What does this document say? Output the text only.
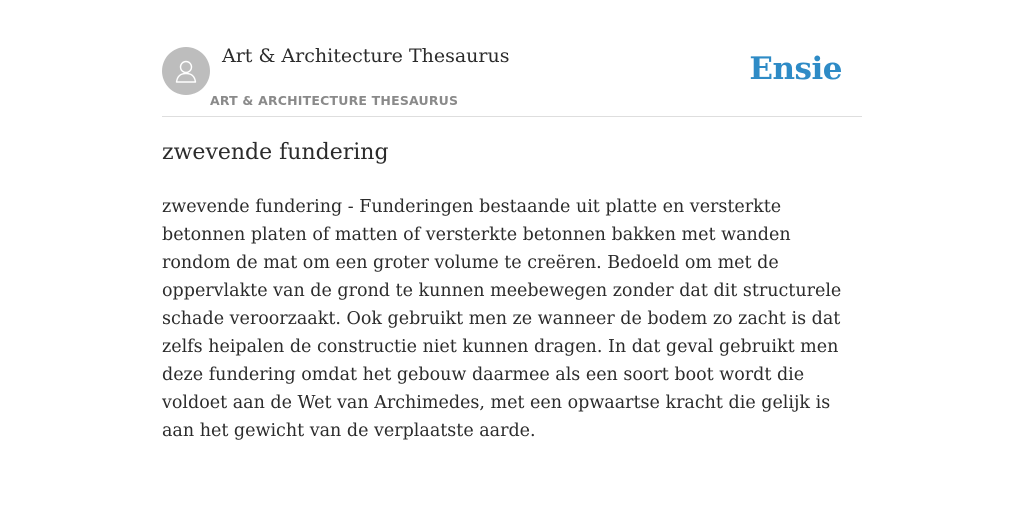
Art & Architecture Thesaurus
ART & ARCHITECTURE THESAURUS
Ensie
zwevende fundering

zwevende fundering - Funderingen bestaande uit platte en versterkte betonnen platen of matten of versterkte betonnen bakken met wanden rondom de mat om een groter volume te creëren. Bedoeld om met de oppervlakte van de grond te kunnen meebewegen zonder dat dit structurele schade veroorzaakt. Ook gebruikt men ze wanneer de bodem zo zacht is dat zelfs heipalen de constructie niet kunnen dragen. In dat geval gebruikt men deze fundering omdat het gebouw daarmee als een soort boot wordt die voldoet aan de Wet van Archimedes, met een opwaartse kracht die gelijk is aan het gewicht van de verplaatste aarde.
